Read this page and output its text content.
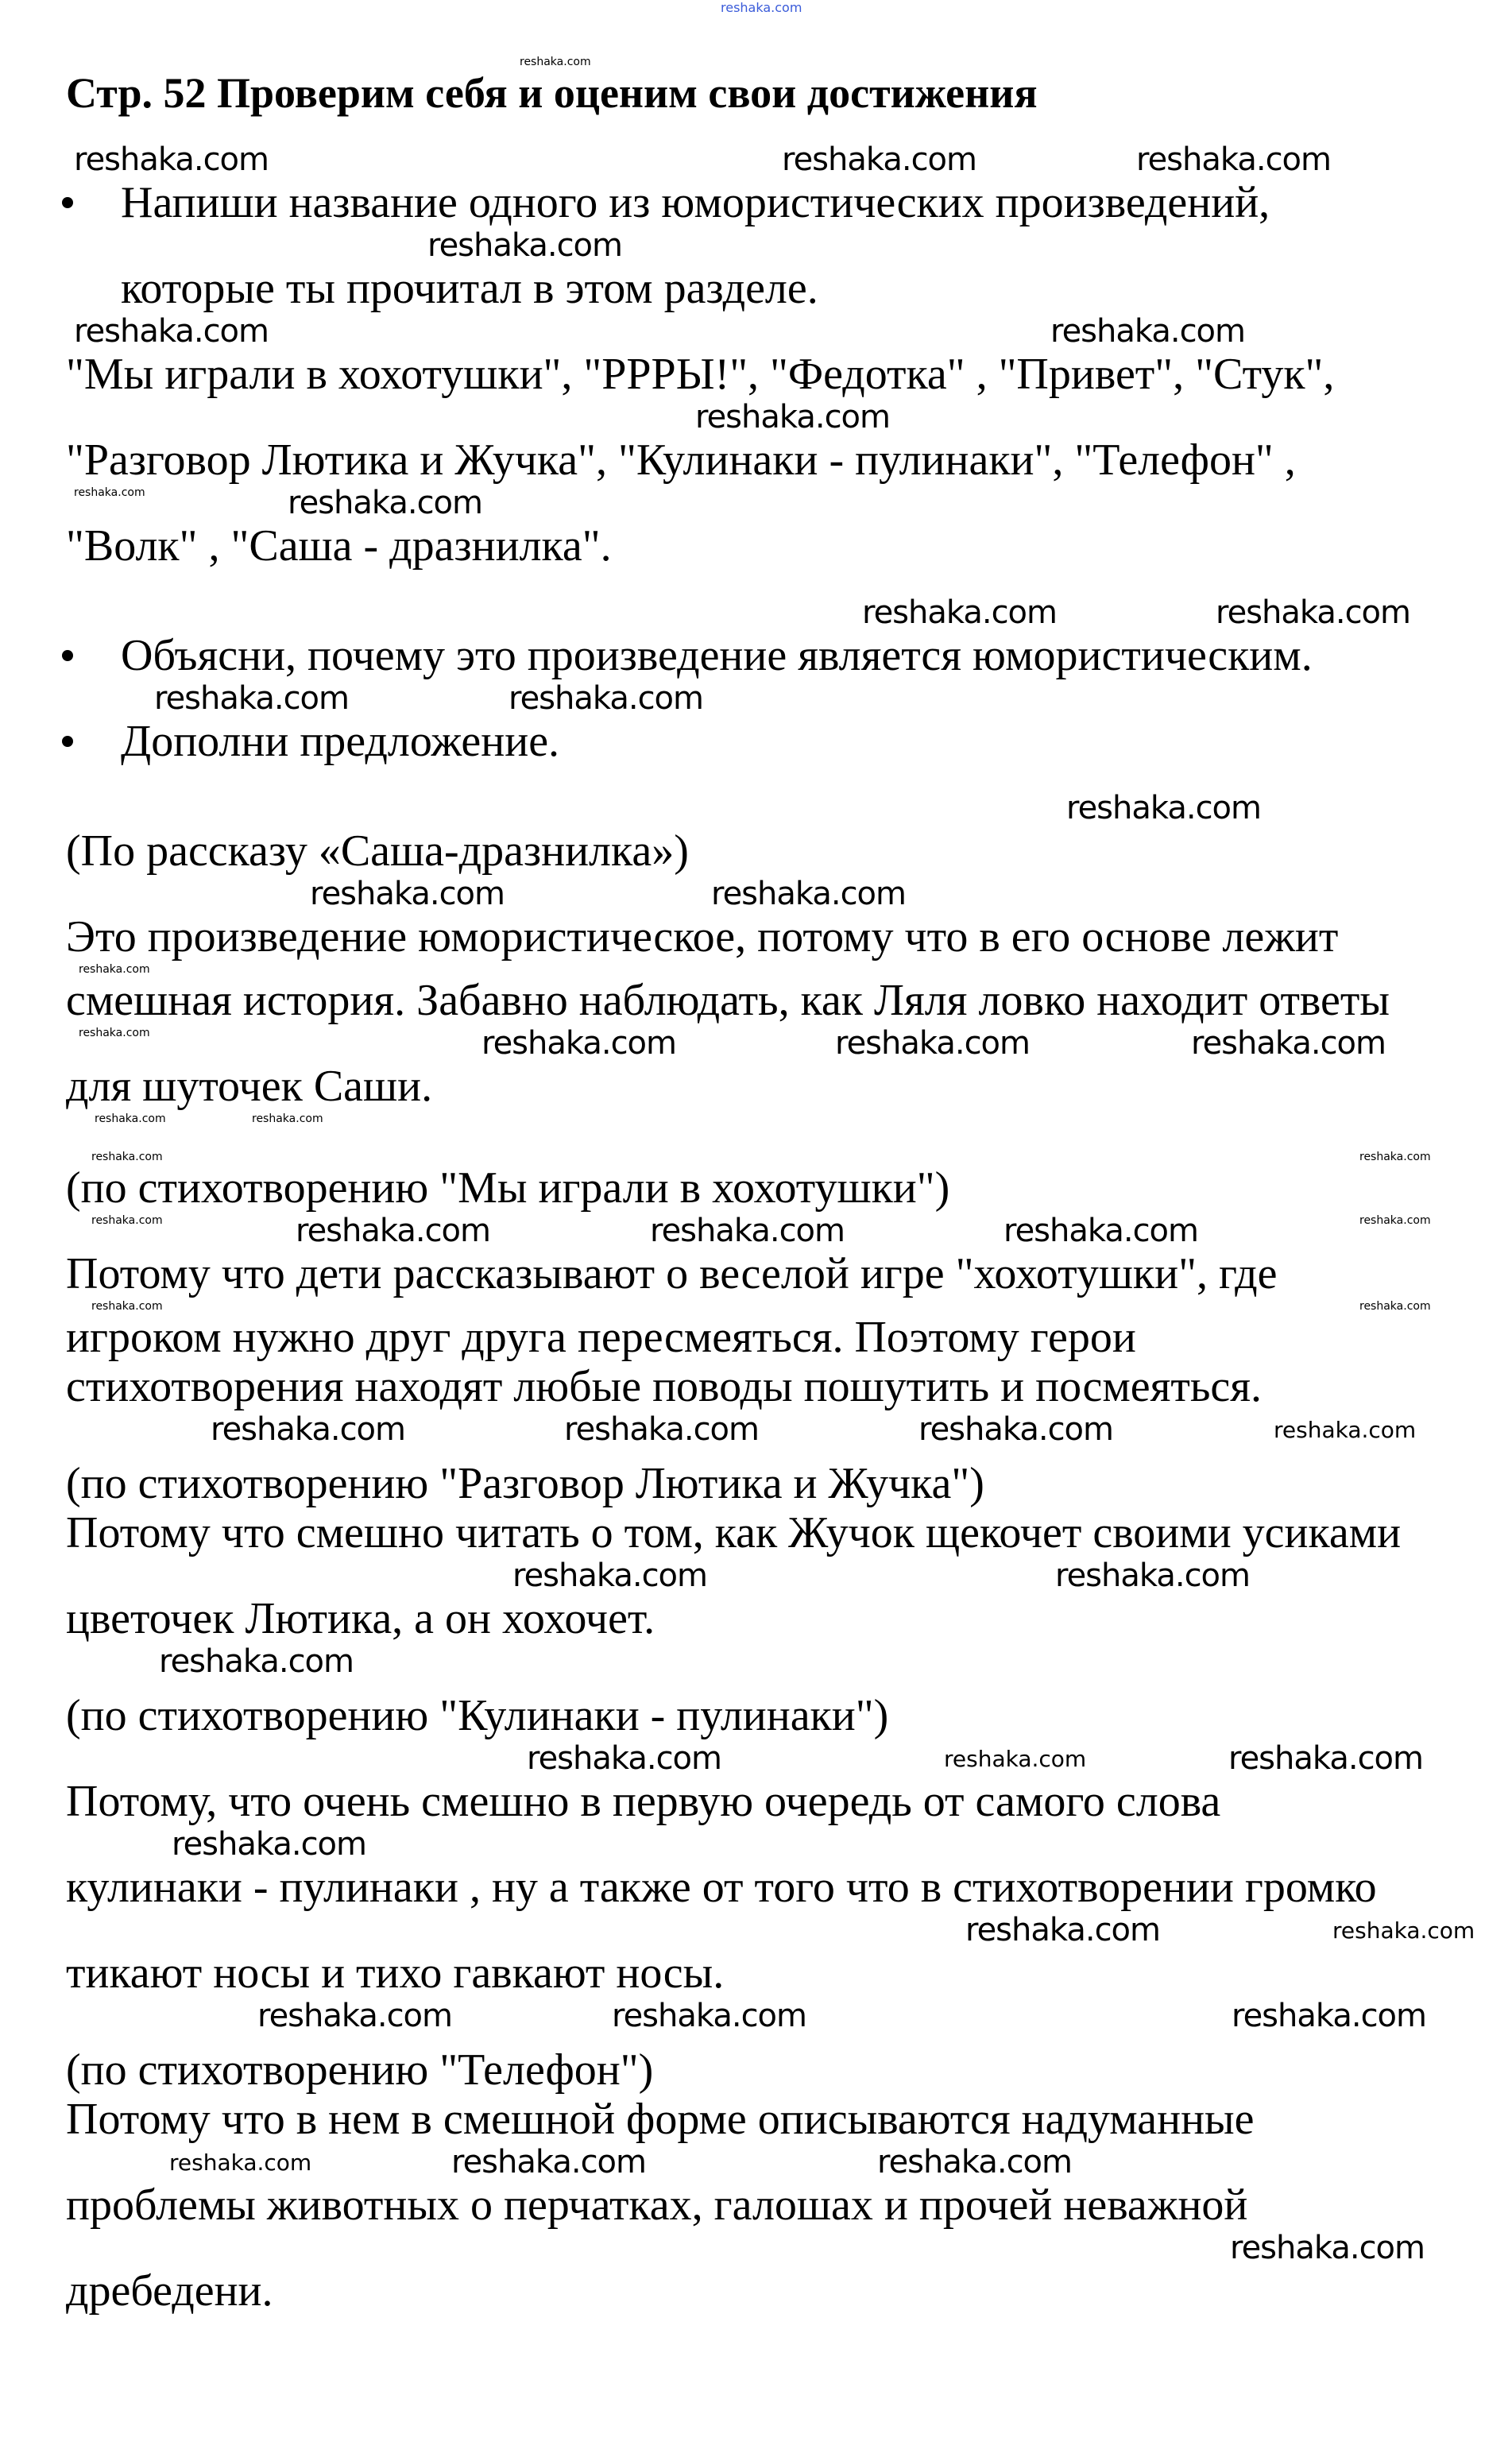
reshaka.com
reshaka.com
Стр. 52 Проверим себя и оценим свои достижения
reshaka.com	reshaka.com	reshaka.com
Напиши название одного из юмористических произведений,
reshaka.com
которые ты прочитал в этом разделе.
reshaka.com	reshaka.com
"Мы играли в хохотушки", "РРРЫ!", "Федотка" , "Привет", "Стук",
reshaka.com
"Разговор Лютика и Жучка", "Кулинаки - пулинаки", "Телефон" ,
reshaka.com	reshaka.com
"Волк" , "Саша - дразнилка".
reshaka.com	reshaka.com
Объясни, почему это произведение является юмористическим.
reshaka.com	reshaka.com
Дополни предложение.
reshaka.com
(По рассказу «Саша-дразнилка»)
reshaka.com	reshaka.com
Это произведение юмористическое, потому что в его основе лежит
reshaka.com
смешная история. Забавно наблюдать, как Ляля ловко находит ответы
reshaka.com	reshaka.com	reshaka.com	reshaka.com
для шуточек Саши.
reshaka.com	reshaka.com
reshaka.com	reshaka.com
(по стихотворению "Мы играли в хохотушки")
reshaka.com	reshaka.com	reshaka.com	reshaka.com	reshaka.com
Потому что дети рассказывают о веселой игре "хохотушки", где
reshaka.com	reshaka.com
игроком нужно друг друга пересмеяться. Поэтому герои
стихотворения находят любые поводы пошутить и посмеяться.
reshaka.com	reshaka.com	reshaka.com	reshaka.com
(по стихотворению "Разговор Лютика и Жучка")
Потому что смешно читать о том, как Жучок щекочет своими усиками
reshaka.com	reshaka.com
цветочек Лютика, а он хохочет.
reshaka.com
(по стихотворению "Кулинаки - пулинаки")
reshaka.com	reshaka.com	reshaka.com
Потому, что очень смешно в первую очередь от самого слова
reshaka.com
кулинаки - пулинаки , ну а также от того что в стихотворении громко
reshaka.com	reshaka.com
тикают носы и тихо гавкают носы.
reshaka.com	reshaka.com	reshaka.com
(по стихотворению "Телефон")
Потому что в нем в смешной форме описываются надуманные
reshaka.com	reshaka.com	reshaka.com
проблемы животных о перчатках, галошах и прочей неважной
reshaka.com
дребедени.
